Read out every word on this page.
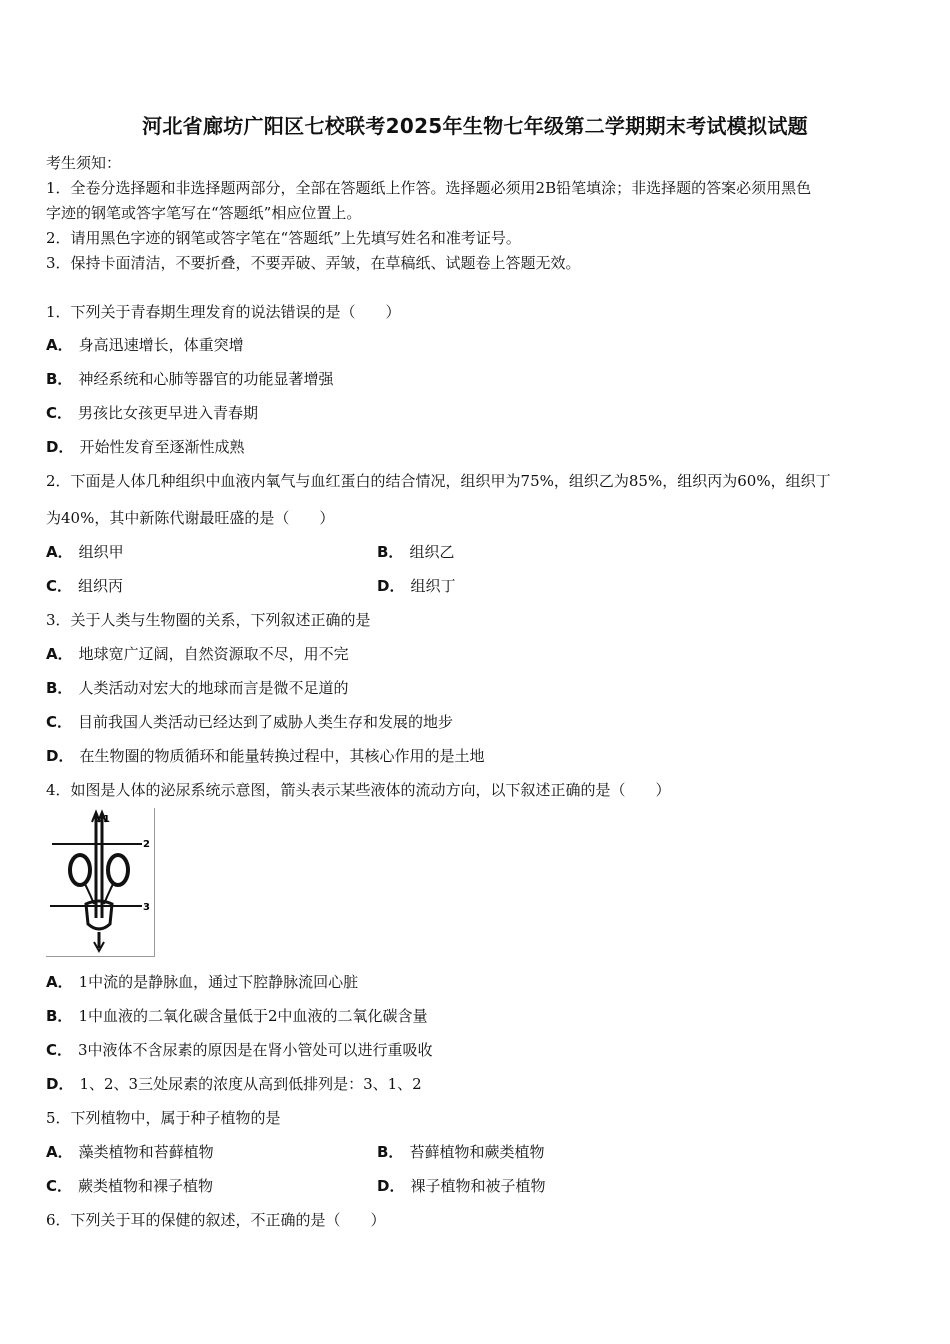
河北省廊坊广阳区七校联考2025年生物七年级第二学期期末考试模拟试题
考生须知：
1．全卷分选择题和非选择题两部分，全部在答题纸上作答。选择题必须用2B铅笔填涂；非选择题的答案必须用黑色
字迹的钢笔或答字笔写在“答题纸”相应位置上。
2．请用黑色字迹的钢笔或答字笔在“答题纸”上先填写姓名和准考证号。
3．保持卡面清洁，不要折叠，不要弄破、弄皱，在草稿纸、试题卷上答题无效。
1．下列关于青春期生理发育的说法错误的是（　　）
A． 身高迅速增长，体重突增
B． 神经系统和心肺等器官的功能显著增强
C． 男孩比女孩更早进入青春期
D． 开始性发育至逐渐性成熟
2．下面是人体几种组织中血液内氧气与血红蛋白的结合情况，组织甲为75%，组织乙为85%，组织丙为60%，组织丁
为40%，其中新陈代谢最旺盛的是（　　）
A． 组织甲	B． 组织乙
C． 组织丙	D． 组织丁
3．关于人类与生物圈的关系，下列叙述正确的是
A． 地球宽广辽阔，自然资源取不尽，用不完
B． 人类活动对宏大的地球而言是微不足道的
C． 目前我国人类活动已经达到了威胁人类生存和发展的地步
D． 在生物圈的物质循环和能量转换过程中，其核心作用的是土地
4．如图是人体的泌尿系统示意图，箭头表示某些液体的流动方向，以下叙述正确的是（　　）
1
2
3
A． 1中流的是静脉血，通过下腔静脉流回心脏
B． 1中血液的二氧化碳含量低于2中血液的二氧化碳含量
C． 3中液体不含尿素的原因是在肾小管处可以进行重吸收
D． 1、2、3三处尿素的浓度从高到低排列是：3、1、2
5．下列植物中，属于种子植物的是
A． 藻类植物和苔藓植物	B． 苔藓植物和蕨类植物
C． 蕨类植物和裸子植物	D． 裸子植物和被子植物
6．下列关于耳的保健的叙述，不正确的是（　　）
